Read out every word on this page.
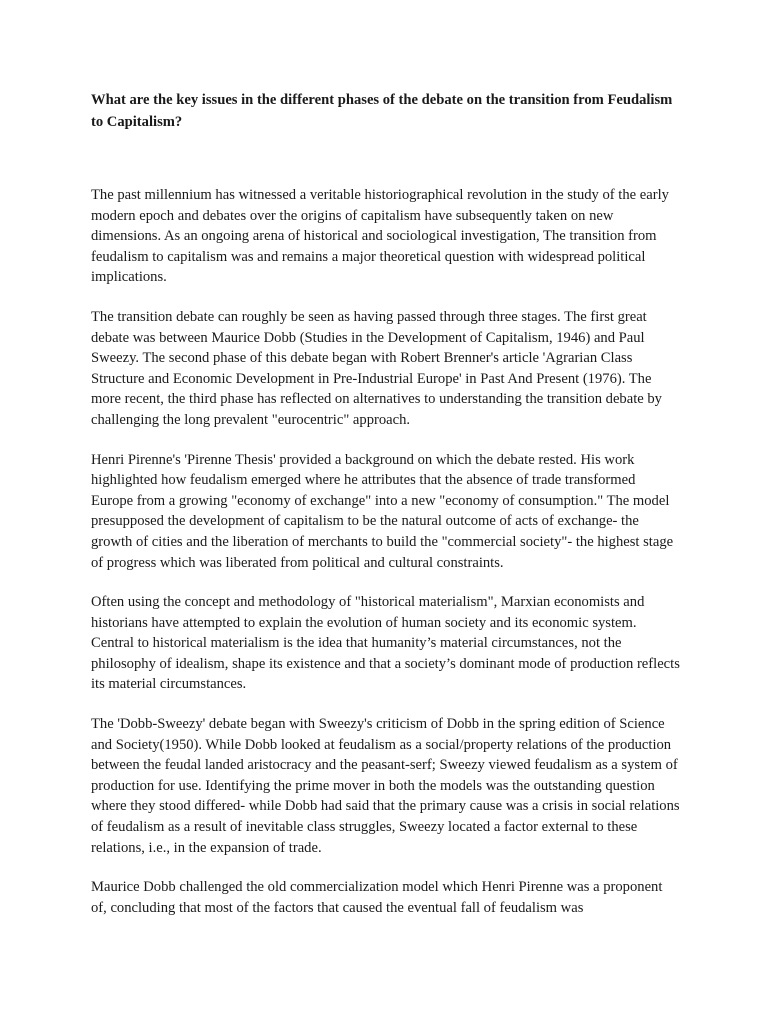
What are the key issues in the different phases of the debate on the transition from Feudalism to Capitalism?

The past millennium has witnessed a veritable historiographical revolution in the study of the early modern epoch and debates over the origins of capitalism have subsequently taken on new dimensions. As an ongoing arena of historical and sociological investigation, The transition from feudalism to capitalism was and remains a major theoretical question with widespread political implications.

The transition debate can roughly be seen as having passed through three stages. The first great debate was between Maurice Dobb (Studies in the Development of Capitalism, 1946) and Paul Sweezy. The second phase of this debate began with Robert Brenner's article 'Agrarian Class Structure and Economic Development in Pre-Industrial Europe' in Past And Present (1976). The more recent, the third phase has reflected on alternatives to understanding the transition debate by challenging the long prevalent "eurocentric" approach.

Henri Pirenne's 'Pirenne Thesis' provided a background on which the debate rested. His work highlighted how feudalism emerged where he attributes that the absence of trade transformed Europe from a growing "economy of exchange" into a new "economy of consumption." The model presupposed the development of capitalism to be the natural outcome of acts of exchange- the growth of cities and the liberation of merchants to build the "commercial society"- the highest stage of progress which was liberated from political and cultural constraints.

Often using the concept and methodology of "historical materialism", Marxian economists and historians have attempted to explain the evolution of human society and its economic system. Central to historical materialism is the idea that humanity’s material circumstances, not the philosophy of idealism, shape its existence and that a society’s dominant mode of production reflects its material circumstances.

The 'Dobb-Sweezy' debate began with Sweezy's criticism of Dobb in the spring edition of Science and Society(1950). While Dobb looked at feudalism as a social/property relations of the production between the feudal landed aristocracy and the peasant-serf; Sweezy viewed feudalism as a system of production for use. Identifying the prime mover in both the models was the outstanding question where they stood differed- while Dobb had said that the primary cause was a crisis in social relations of feudalism as a result of inevitable class struggles, Sweezy located a factor external to these relations, i.e., in the expansion of trade.

Maurice Dobb challenged the old commercialization model which Henri Pirenne was a proponent of, concluding that most of the factors that caused the eventual fall of feudalism was
